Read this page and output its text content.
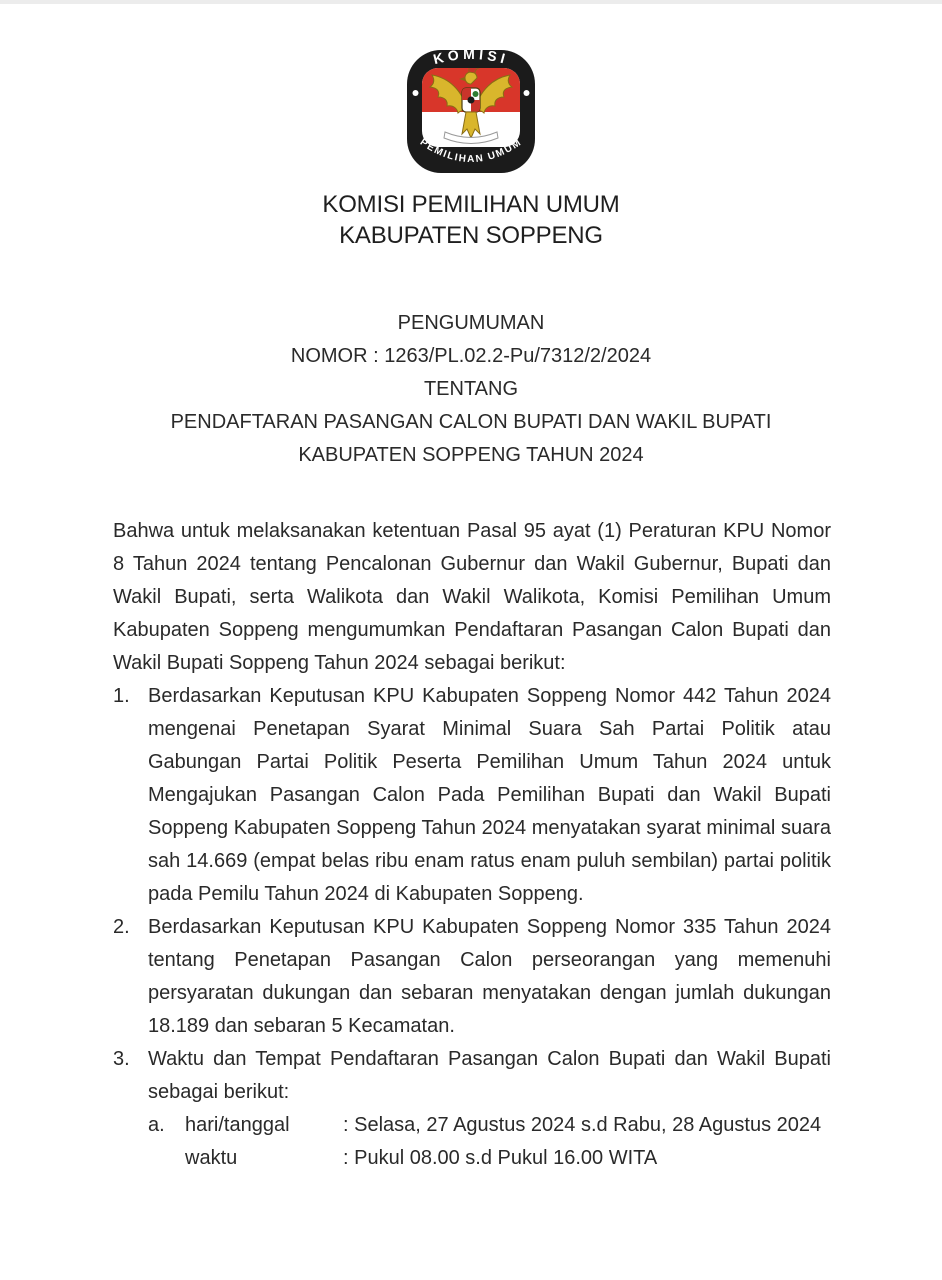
KOMISI
PEMILIHAN UMUM
KOMISI PEMILIHAN UMUM
KABUPATEN SOPPENG
PENGUMUMAN
NOMOR : 1263/PL.02.2-Pu/7312/2/2024
TENTANG
PENDAFTARAN PASANGAN CALON BUPATI DAN WAKIL BUPATI
KABUPATEN SOPPENG TAHUN 2024

Bahwa untuk melaksanakan ketentuan Pasal 95 ayat (1) Peraturan KPU Nomor 8 Tahun 2024 tentang Pencalonan Gubernur dan Wakil Gubernur, Bupati dan Wakil Bupati, serta Walikota dan Wakil Walikota, Komisi Pemilihan Umum Kabupaten Soppeng mengumumkan Pendaftaran Pasangan Calon Bupati dan Wakil Bupati Soppeng Tahun 2024 sebagai berikut:

1. Berdasarkan Keputusan KPU Kabupaten Soppeng Nomor 442 Tahun 2024 mengenai Penetapan Syarat Minimal Suara Sah Partai Politik atau Gabungan Partai Politik Peserta Pemilihan Umum Tahun 2024 untuk Mengajukan Pasangan Calon Pada Pemilihan Bupati dan Wakil Bupati Soppeng Kabupaten Soppeng Tahun 2024 menyatakan syarat minimal suara sah 14.669 (empat belas ribu enam ratus enam puluh sembilan) partai politik pada Pemilu Tahun 2024 di Kabupaten Soppeng.
2. Berdasarkan Keputusan KPU Kabupaten Soppeng Nomor 335 Tahun 2024 tentang Penetapan Pasangan Calon perseorangan yang memenuhi persyaratan dukungan dan sebaran menyatakan dengan jumlah dukungan 18.189 dan sebaran 5 Kecamatan.
3. Waktu dan Tempat Pendaftaran Pasangan Calon Bupati dan Wakil Bupati sebagai berikut:
a.	hari/tanggal	: Selasa, 27 Agustus 2024 s.d Rabu, 28 Agustus 2024
waktu	: Pukul 08.00 s.d Pukul 16.00 WITA
